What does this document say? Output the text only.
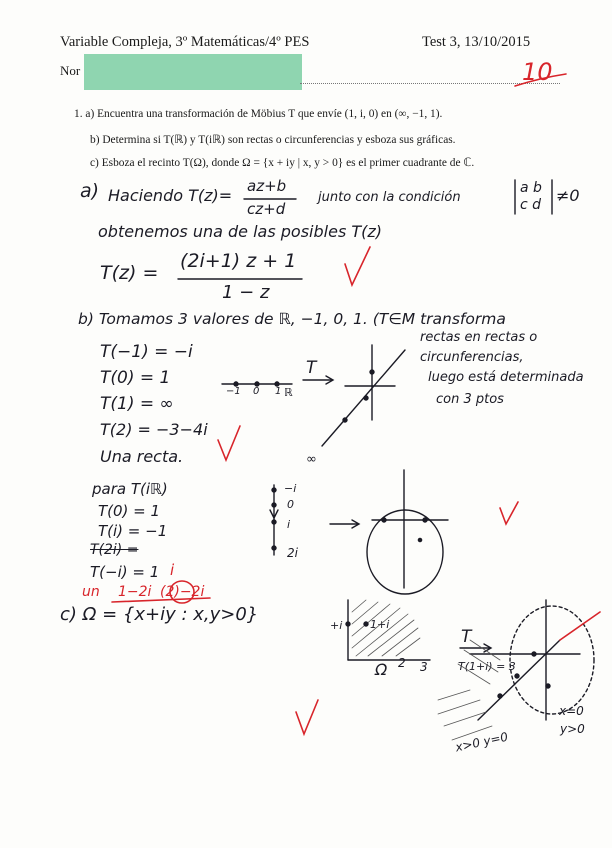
Variable Compleja, 3º Matemáticas/4º PES	Test 3, 13/10/2015
Nor	10
1. a) Encuentra una transformación de Möbius T que envíe (1, i, 0) en (∞, −1, 1).
b) Determina si T(ℝ) y T(iℝ) son rectas o circunferencias y esboza sus gráficas.
c) Esboza el recinto T(Ω), donde Ω = {x + iy | x, y > 0} es el primer cuadrante de ℂ.
a) Haciendo T(z)= az+b
cz+d
junto con la condición
a b
c d ≠0
obtenemos una de las posibles T(z)
T(z) =
(2i+1) z + 1
1 − z
b) Tomamos 3 valores de ℝ, −1, 0, 1. (T∈M transforma
rectas en rectas o
circunferencias,
luego está determinada
con 3 ptos
T(−1) = −i
T(0) = 1
T(1) = ∞
T(2) = −3−4i
Una recta.
para T(iℝ)
T(0) = 1
T(i) = −1
T(2i) =
T(−i) = 1 i
un 1−2i (2)−2i
−1 0 1 ℝ
T
∞
−i
0
i
2i
c) Ω = {x+iy : x,y>0}
+i	1+i
Ω 2 3
T
T(1+i) = 3
x=0
y>0
x>0 y=0
